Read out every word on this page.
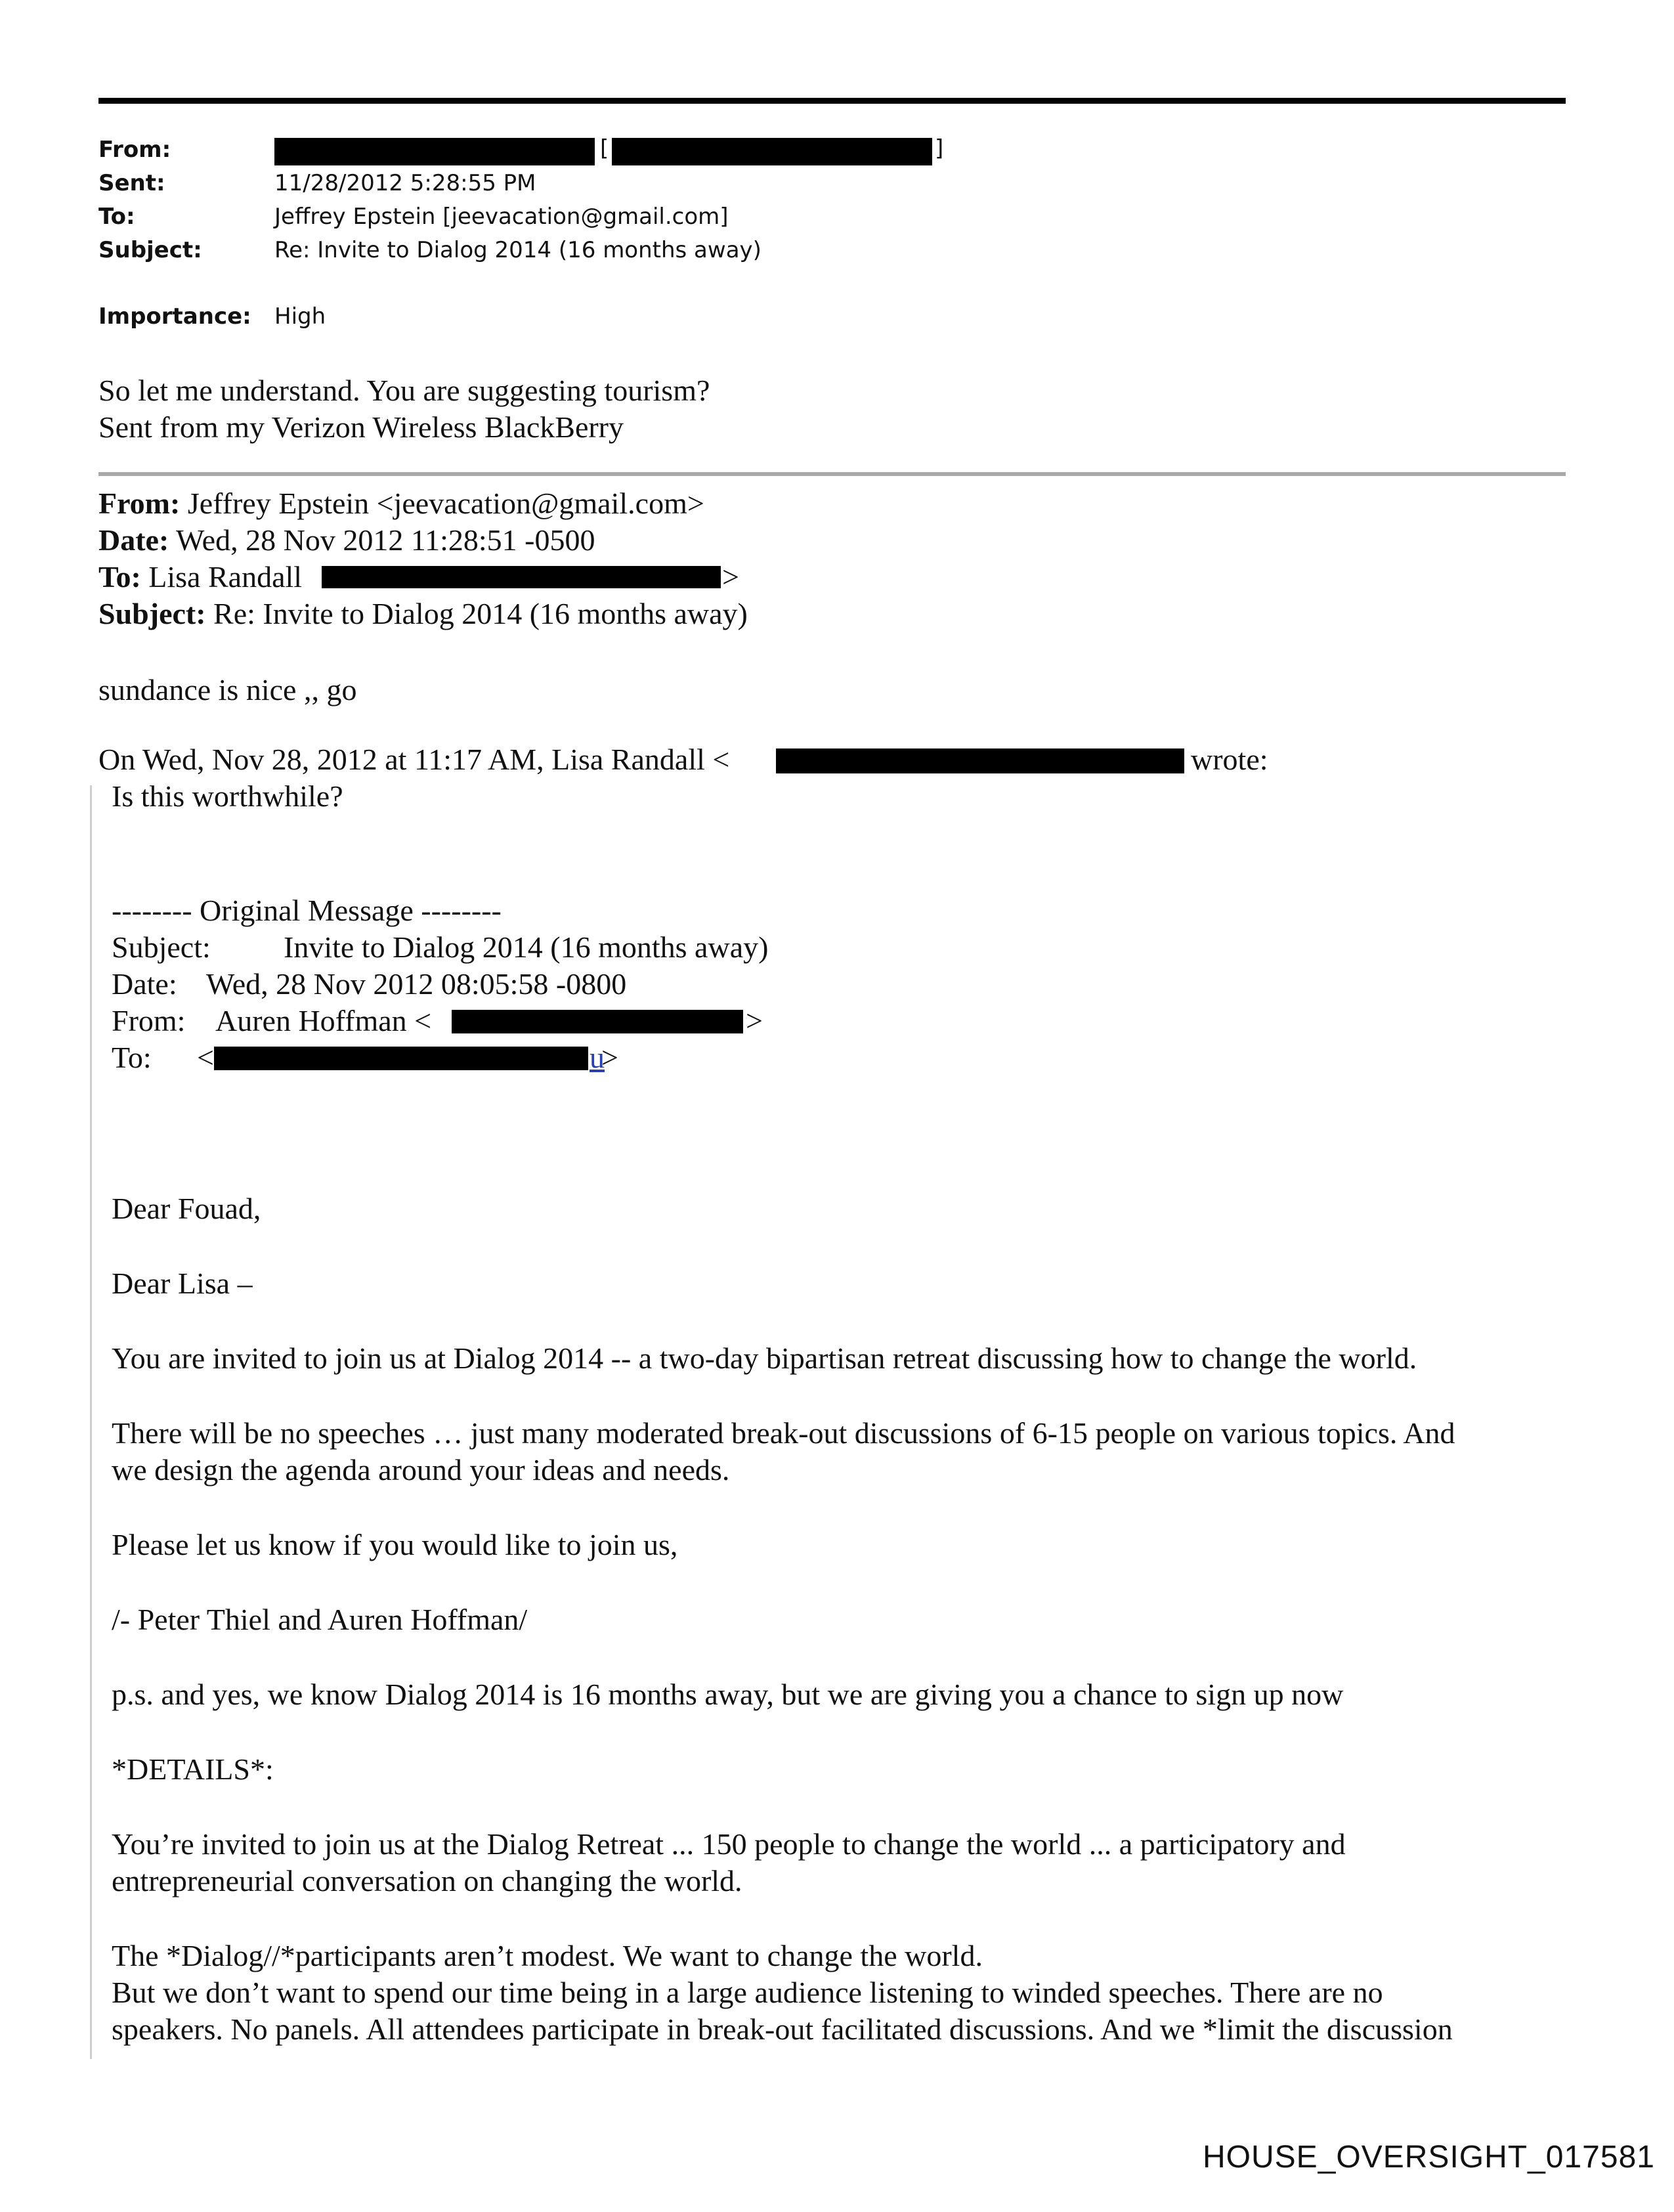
From:	[	]
Sent:	11/28/2012 5:28:55 PM
To:	Jeffrey Epstein [jeevacation@gmail.com]
Subject:	Re: Invite to Dialog 2014 (16 months away)
Importance: High
So let me understand. You are suggesting tourism?
Sent from my Verizon Wireless BlackBerry
From: Jeffrey Epstein <jeevacation@gmail.com>
Date: Wed, 28 Nov 2012 11:28:51 -0500
To: Lisa Randall	>
Subject: Re: Invite to Dialog 2014 (16 months away)
sundance is nice ,, go
On Wed, Nov 28, 2012 at 11:17 AM, Lisa Randall <	wrote:
Is this worthwhile?
-------- Original Message --------
Subject: Invite to Dialog 2014 (16 months away)
Date: Wed, 28 Nov 2012 08:05:58 -0800
From: Auren Hoffman <	>
To: <	u
>
Dear Fouad,
Dear Lisa –
You are invited to join us at Dialog 2014 -- a two-day bipartisan retreat discussing how to change the world.
There will be no speeches … just many moderated break-out discussions of 6-15 people on various topics. And
we design the agenda around your ideas and needs.
Please let us know if you would like to join us,
/- Peter Thiel and Auren Hoffman/
p.s. and yes, we know Dialog 2014 is 16 months away, but we are giving you a chance to sign up now
*DETAILS*:
You’re invited to join us at the Dialog Retreat ... 150 people to change the world ... a participatory and
entrepreneurial conversation on changing the world.
The *Dialog//*participants aren’t modest. We want to change the world.
But we don’t want to spend our time being in a large audience listening to winded speeches. There are no
speakers. No panels. All attendees participate in break-out facilitated discussions. And we *limit the discussion
HOUSE_OVERSIGHT_017581
